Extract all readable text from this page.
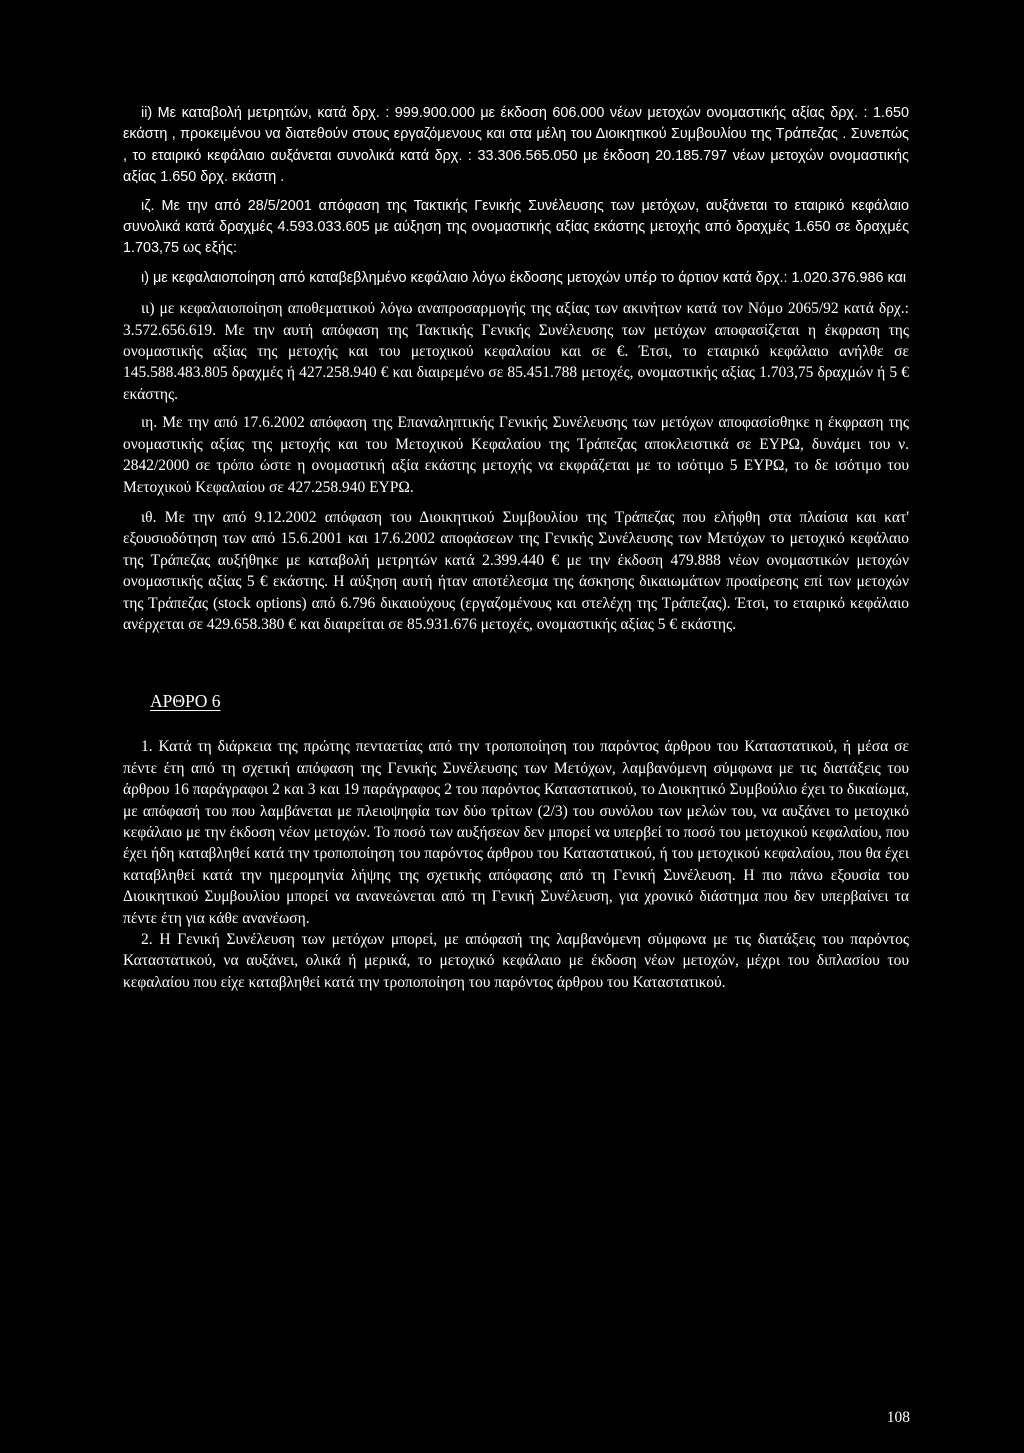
ii) Με καταβολή μετρητών, κατά δρχ. : 999.900.000 με έκδοση 606.000 νέων μετοχών ονομαστικής αξίας δρχ. : 1.650 εκάστη , προκειμένου να διατεθούν στους εργαζόμενους και στα μέλη του Διοικητικού Συμβουλίου της Τράπεζας . Συνεπώς , το εταιρικό κεφάλαιο αυξάνεται συνολικά κατά δρχ. : 33.306.565.050 με έκδοση 20.185.797 νέων μετοχών ονομαστικής αξίας 1.650 δρχ. εκάστη .

ιζ. Με την από 28/5/2001 απόφαση της Τακτικής Γενικής Συνέλευσης των μετόχων, αυξάνεται το εταιρικό κεφάλαιο συνολικά κατά δραχμές 4.593.033.605 με αύξηση της ονομαστικής αξίας εκάστης μετοχής από δραχμές 1.650 σε δραχμές 1.703,75 ως εξής:

ι) με κεφαλαιοποίηση από καταβεβλημένο κεφάλαιο λόγω έκδοσης μετοχών υπέρ το άρτιον κατά δρχ.: 1.020.376.986 και

ιι) με κεφαλαιοποίηση αποθεματικού λόγω αναπροσαρμογής της αξίας των ακινήτων κατά τον Νόμο 2065/92 κατά δρχ.: 3.572.656.619. Με την αυτή απόφαση της Τακτικής Γενικής Συνέλευσης των μετόχων αποφασίζεται η έκφραση της ονομαστικής αξίας της μετοχής και του μετοχικού κεφαλαίου και σε €. Έτσι, το εταιρικό κεφάλαιο ανήλθε σε 145.588.483.805 δραχμές ή 427.258.940 € και διαιρεμένο σε 85.451.788 μετοχές, ονομαστικής αξίας 1.703,75 δραχμών ή 5 € εκάστης.

ιη. Με την από 17.6.2002 απόφαση της Επαναληπτικής Γενικής Συνέλευσης των μετόχων αποφασίσθηκε η έκφραση της ονομαστικής αξίας της μετοχής και του Μετοχικού Κεφαλαίου της Τράπεζας αποκλειστικά σε ΕΥΡΩ, δυνάμει του ν. 2842/2000 σε τρόπο ώστε η ονομαστική αξία εκάστης μετοχής να εκφράζεται με το ισότιμο 5 ΕΥΡΩ, το δε ισότιμο του Μετοχικού Κεφαλαίου σε 427.258.940 ΕΥΡΩ.

ιθ. Με την από 9.12.2002 απόφαση του Διοικητικού Συμβουλίου της Τράπεζας που ελήφθη στα πλαίσια και κατ' εξουσιοδότηση των από 15.6.2001 και 17.6.2002 αποφάσεων της Γενικής Συνέλευσης των Μετόχων το μετοχικό κεφάλαιο της Τράπεζας αυξήθηκε με καταβολή μετρητών κατά 2.399.440 € με την έκδοση 479.888 νέων ονομαστικών μετοχών ονομαστικής αξίας 5 € εκάστης. Η αύξηση αυτή ήταν αποτέλεσμα της άσκησης δικαιωμάτων προαίρεσης επί των μετοχών της Τράπεζας (stock options) από 6.796 δικαιούχους (εργαζομένους και στελέχη της Τράπεζας). Έτσι, το εταιρικό κεφάλαιο ανέρχεται σε 429.658.380 € και διαιρείται σε 85.931.676 μετοχές, ονομαστικής αξίας 5 € εκάστης.

ΑΡΘΡΟ 6

1. Κατά τη διάρκεια της πρώτης πενταετίας από την τροποποίηση του παρόντος άρθρου του Καταστατικού, ή μέσα σε πέντε έτη από τη σχετική απόφαση της Γενικής Συνέλευσης των Μετόχων, λαμβανόμενη σύμφωνα με τις διατάξεις του άρθρου 16 παράγραφοι 2 και 3 και 19 παράγραφος 2 του παρόντος Καταστατικού, το Διοικητικό Συμβούλιο έχει το δικαίωμα, με απόφασή του που λαμβάνεται με πλειοψηφία των δύο τρίτων (2/3) του συνόλου των μελών του, να αυξάνει το μετοχικό κεφάλαιο με την έκδοση νέων μετοχών. Το ποσό των αυξήσεων δεν μπορεί να υπερβεί το ποσό του μετοχικού κεφαλαίου, που έχει ήδη καταβληθεί κατά την τροποποίηση του παρόντος άρθρου του Καταστατικού, ή του μετοχικού κεφαλαίου, που θα έχει καταβληθεί κατά την ημερομηνία λήψης της σχετικής απόφασης από τη Γενική Συνέλευση. Η πιο πάνω εξουσία του Διοικητικού Συμβουλίου μπορεί να ανανεώνεται από τη Γενική Συνέλευση, για χρονικό διάστημα που δεν υπερβαίνει τα πέντε έτη για κάθε ανανέωση.

2. Η Γενική Συνέλευση των μετόχων μπορεί, με απόφασή της λαμβανόμενη σύμφωνα με τις διατάξεις του παρόντος Καταστατικού, να αυξάνει, ολικά ή μερικά, το μετοχικό κεφάλαιο με έκδοση νέων μετοχών, μέχρι του διπλασίου του κεφαλαίου που είχε καταβληθεί κατά την τροποποίηση του παρόντος άρθρου του Καταστατικού.

108
